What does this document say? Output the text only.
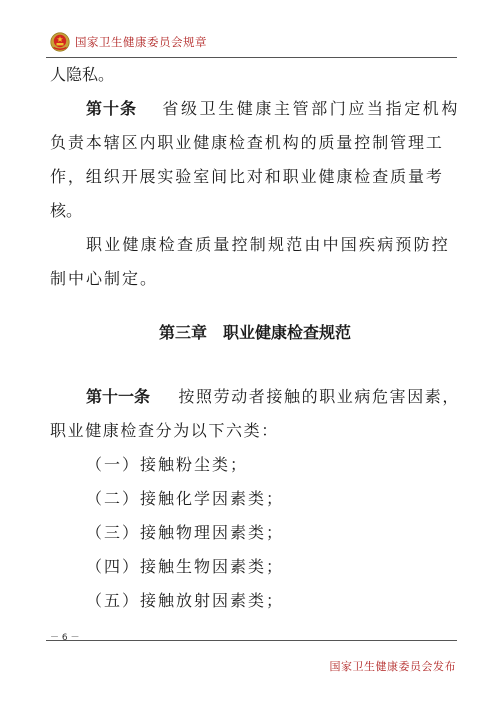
国家卫生健康委员会规章
人隐私。
第十条 省级卫生健康主管部门应当指定机构
负责本辖区内职业健康检查机构的质量控制管理工
作，组织开展实验室间比对和职业健康检查质量考
核。
职业健康检查质量控制规范由中国疾病预防控
制中心制定。
第三章　职业健康检查规范
第十一条 按照劳动者接触的职业病危害因素，
职业健康检查分为以下六类：
（一）接触粉尘类；
（二）接触化学因素类；
（三）接触物理因素类；
（四）接触生物因素类；
（五）接触放射因素类；
－ 6 －
国家卫生健康委员会发布
